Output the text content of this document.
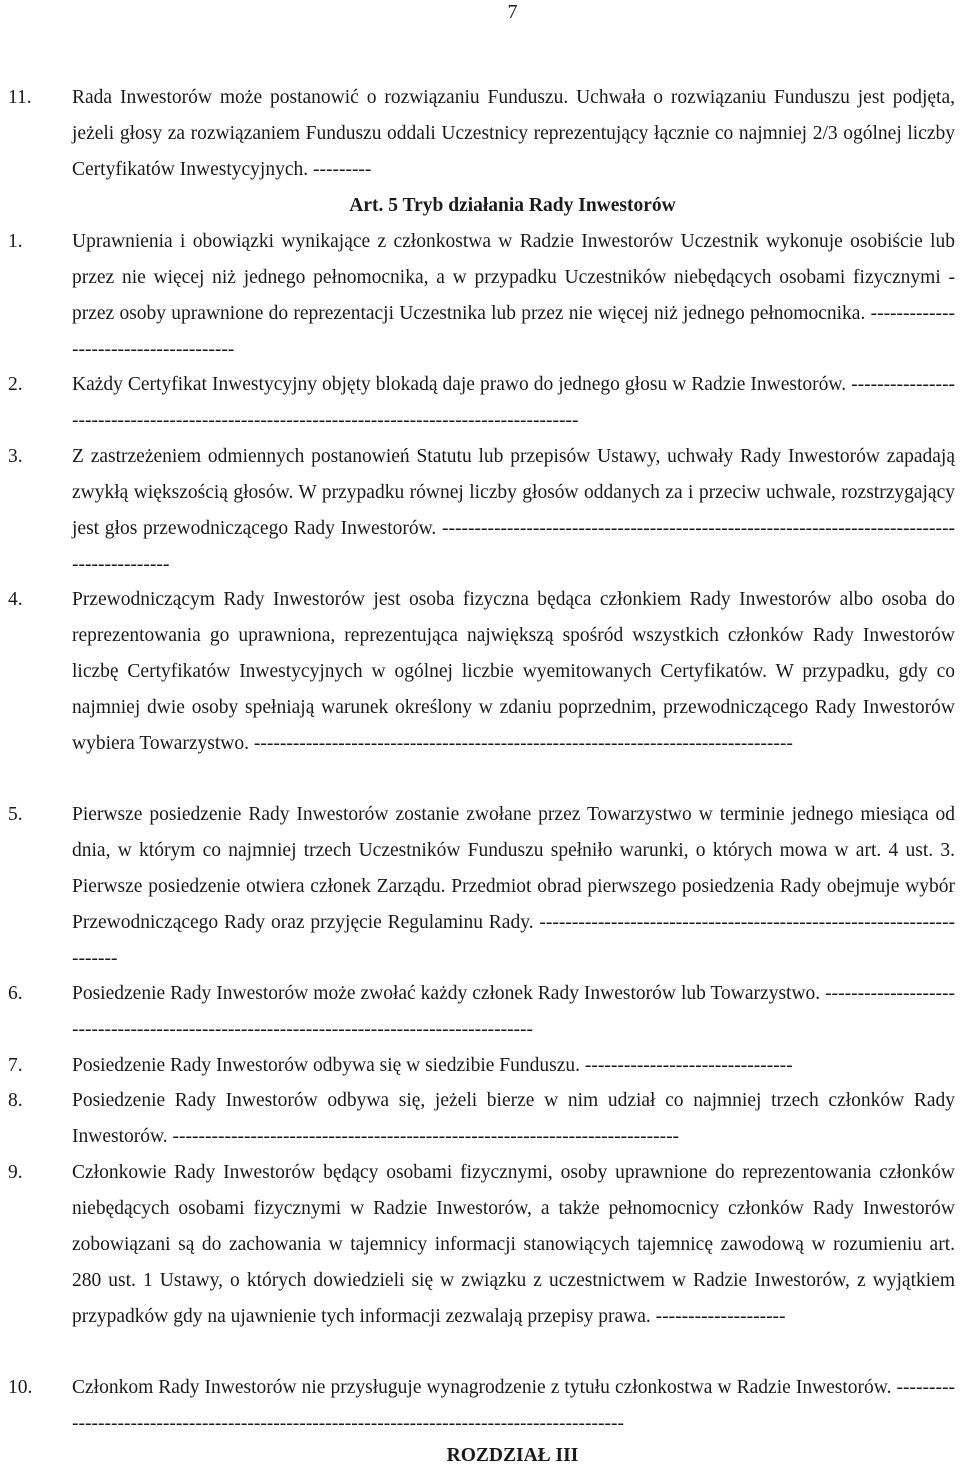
7
11. Rada Inwestorów może postanowić o rozwiązaniu Funduszu. Uchwała o rozwiązaniu Funduszu jest podjęta, jeżeli głosy za rozwiązaniem Funduszu oddali Uczestnicy reprezentujący łącznie co najmniej 2/3 ogólnej liczby Certyfikatów Inwestycyjnych. ---------
Art. 5 Tryb działania Rady Inwestorów
1.	Uprawnienia i obowiązki wynikające z członkostwa w Radzie Inwestorów Uczestnik wykonuje osobiście lub przez nie więcej niż jednego pełnomocnika, a w przypadku Uczestników niebędących osobami fizycznymi - przez osoby uprawnione do reprezentacji Uczestnika lub przez nie więcej niż jednego pełnomocnika. --------------------------------------
2.	Każdy Certyfikat Inwestycyjny objęty blokadą daje prawo do jednego głosu w Radzie Inwestorów. ----------------------------------------------------------------------------------------------
3.	Z zastrzeżeniem odmiennych postanowień Statutu lub przepisów Ustawy, uchwały Rady Inwestorów zapadają zwykłą większością głosów. W przypadku równej liczby głosów oddanych za i przeciw uchwale, rozstrzygający jest głos przewodniczącego Rady Inwestorów. ----------------------------------------------------------------------------------------------
4.	Przewodniczącym Rady Inwestorów jest osoba fizyczna będąca członkiem Rady Inwestorów albo osoba do reprezentowania go uprawniona, reprezentująca największą spośród wszystkich członków Rady Inwestorów liczbę Certyfikatów Inwestycyjnych w ogólnej liczbie wyemitowanych Certyfikatów. W przypadku, gdy co najmniej dwie osoby spełniają warunek określony w zdaniu poprzednim, przewodniczącego Rady Inwestorów wybiera Towarzystwo. -----------------------------------------------------------------------------------
5.	Pierwsze posiedzenie Rady Inwestorów zostanie zwołane przez Towarzystwo w terminie jednego miesiąca od dnia, w którym co najmniej trzech Uczestników Funduszu spełniło warunki, o których mowa w art. 4 ust. 3. Pierwsze posiedzenie otwiera członek Zarządu. Przedmiot obrad pierwszego posiedzenia Rady obejmuje wybór Przewodniczącego Rady oraz przyjęcie Regulaminu Rady. -----------------------------------------------------------------------
6.	Posiedzenie Rady Inwestorów może zwołać każdy członek Rady Inwestorów lub Towarzystwo. -------------------------------------------------------------------------------------------
7.	Posiedzenie Rady Inwestorów odbywa się w siedzibie Funduszu. --------------------------------
8.	Posiedzenie Rady Inwestorów odbywa się, jeżeli bierze w nim udział co najmniej trzech członków Rady Inwestorów. ------------------------------------------------------------------------------
9.	Członkowie Rady Inwestorów będący osobami fizycznymi, osoby uprawnione do reprezentowania członków niebędących osobami fizycznymi w Radzie Inwestorów, a także pełnomocnicy członków Rady Inwestorów zobowiązani są do zachowania w tajemnicy informacji stanowiących tajemnicę zawodową w rozumieniu art. 280 ust. 1 Ustawy, o których dowiedzieli się w związku z uczestnictwem w Radzie Inwestorów, z wyjątkiem przypadków gdy na ujawnienie tych informacji zezwalają przepisy prawa. --------------------
10. Członkom Rady Inwestorów nie przysługuje wynagrodzenie z tytułu członkostwa w Radzie Inwestorów. ----------------------------------------------------------------------------------------------
ROZDZIAŁ III
